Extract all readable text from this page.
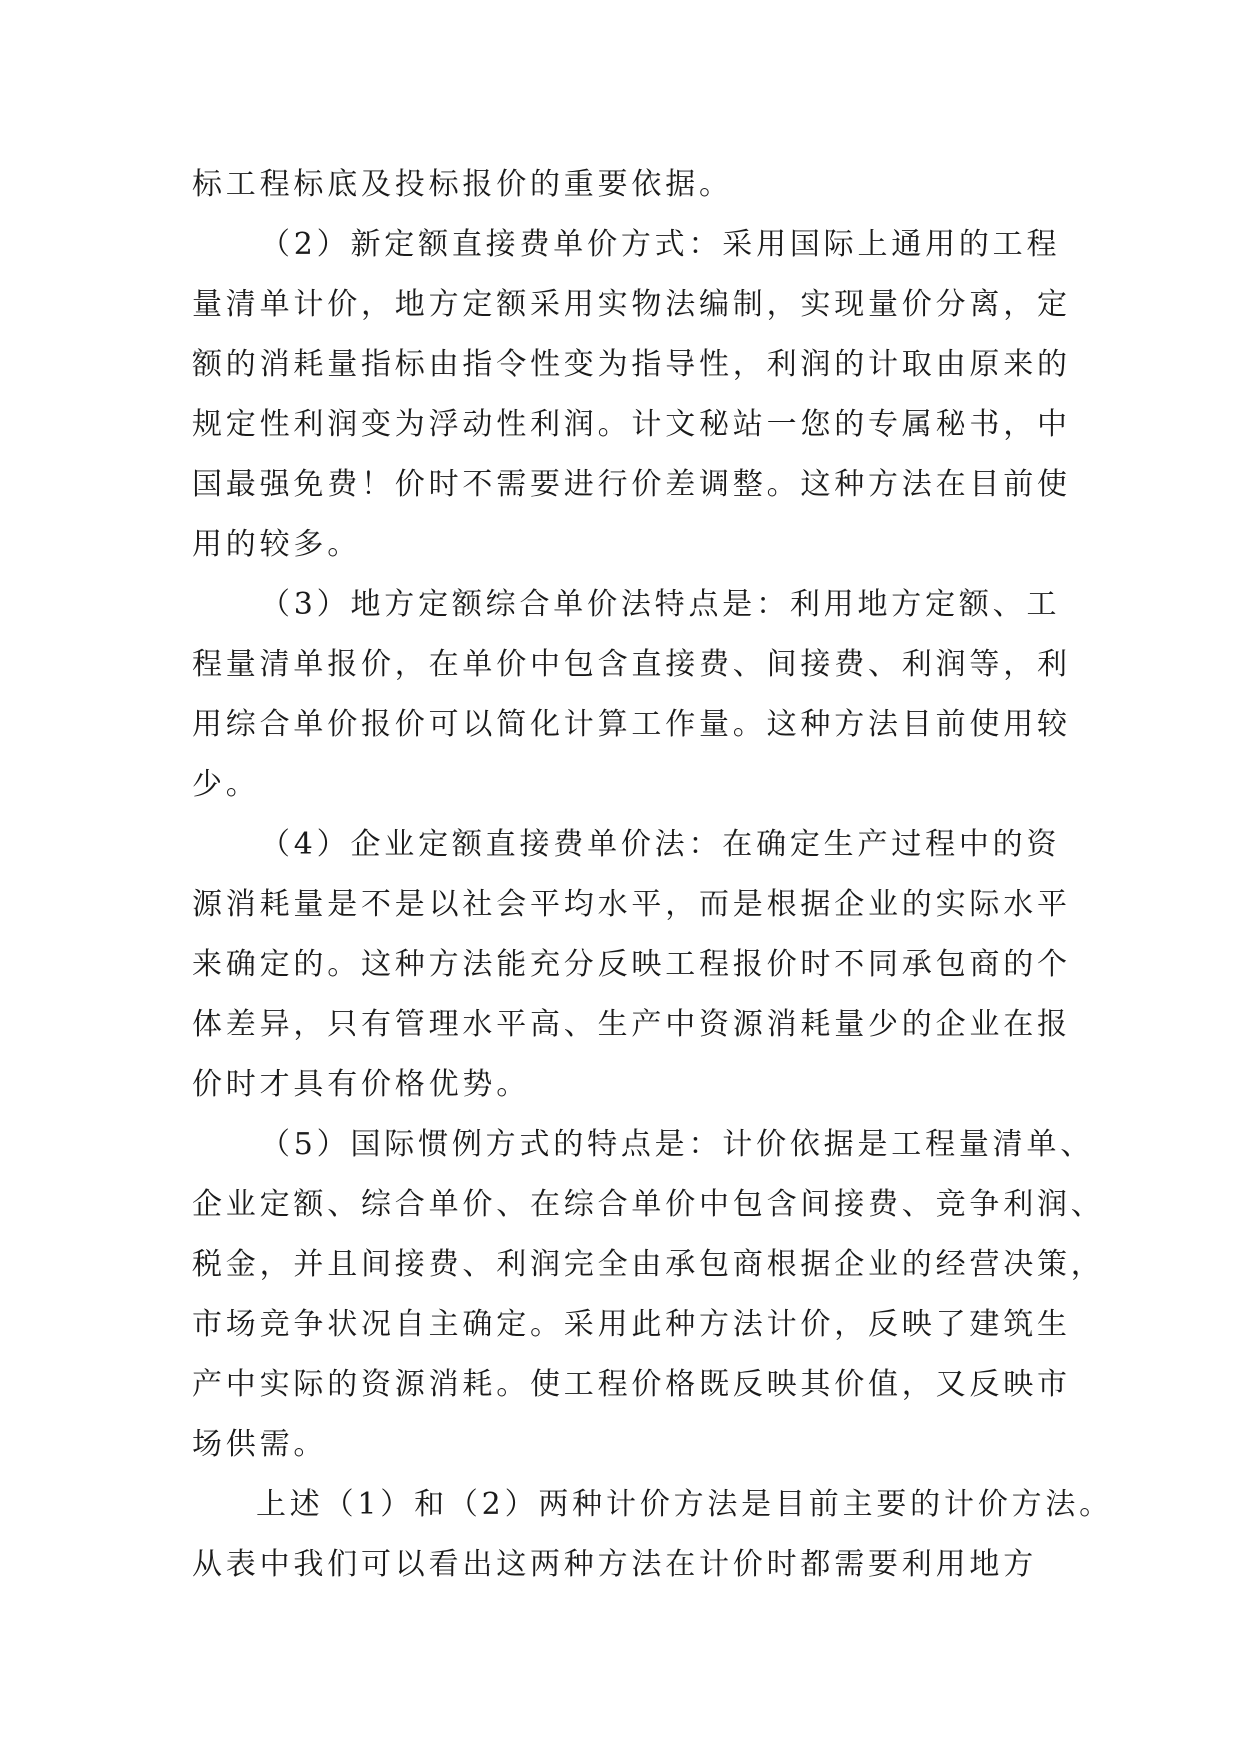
标工程标底及投标报价的重要依据。
（2）新定额直接费单价方式：采用国际上通用的工程
量清单计价，地方定额采用实物法编制，实现量价分离，定
额的消耗量指标由指令性变为指导性，利润的计取由原来的
规定性利润变为浮动性利润。计文秘站一您的专属秘书，中
国最强免费！价时不需要进行价差调整。这种方法在目前使
用的较多。
（3）地方定额综合单价法特点是：利用地方定额、工
程量清单报价，在单价中包含直接费、间接费、利润等，利
用综合单价报价可以简化计算工作量。这种方法目前使用较
少。
（4）企业定额直接费单价法：在确定生产过程中的资
源消耗量是不是以社会平均水平，而是根据企业的实际水平
来确定的。这种方法能充分反映工程报价时不同承包商的个
体差异，只有管理水平高、生产中资源消耗量少的企业在报
价时才具有价格优势。
（5）国际惯例方式的特点是：计价依据是工程量清单、
企业定额、综合单价、在综合单价中包含间接费、竞争利润、
税金，并且间接费、利润完全由承包商根据企业的经营决策，
市场竞争状况自主确定。采用此种方法计价，反映了建筑生
产中实际的资源消耗。使工程价格既反映其价值，又反映市
场供需。
上述（1）和（2）两种计价方法是目前主要的计价方法。
从表中我们可以看出这两种方法在计价时都需要利用地方
